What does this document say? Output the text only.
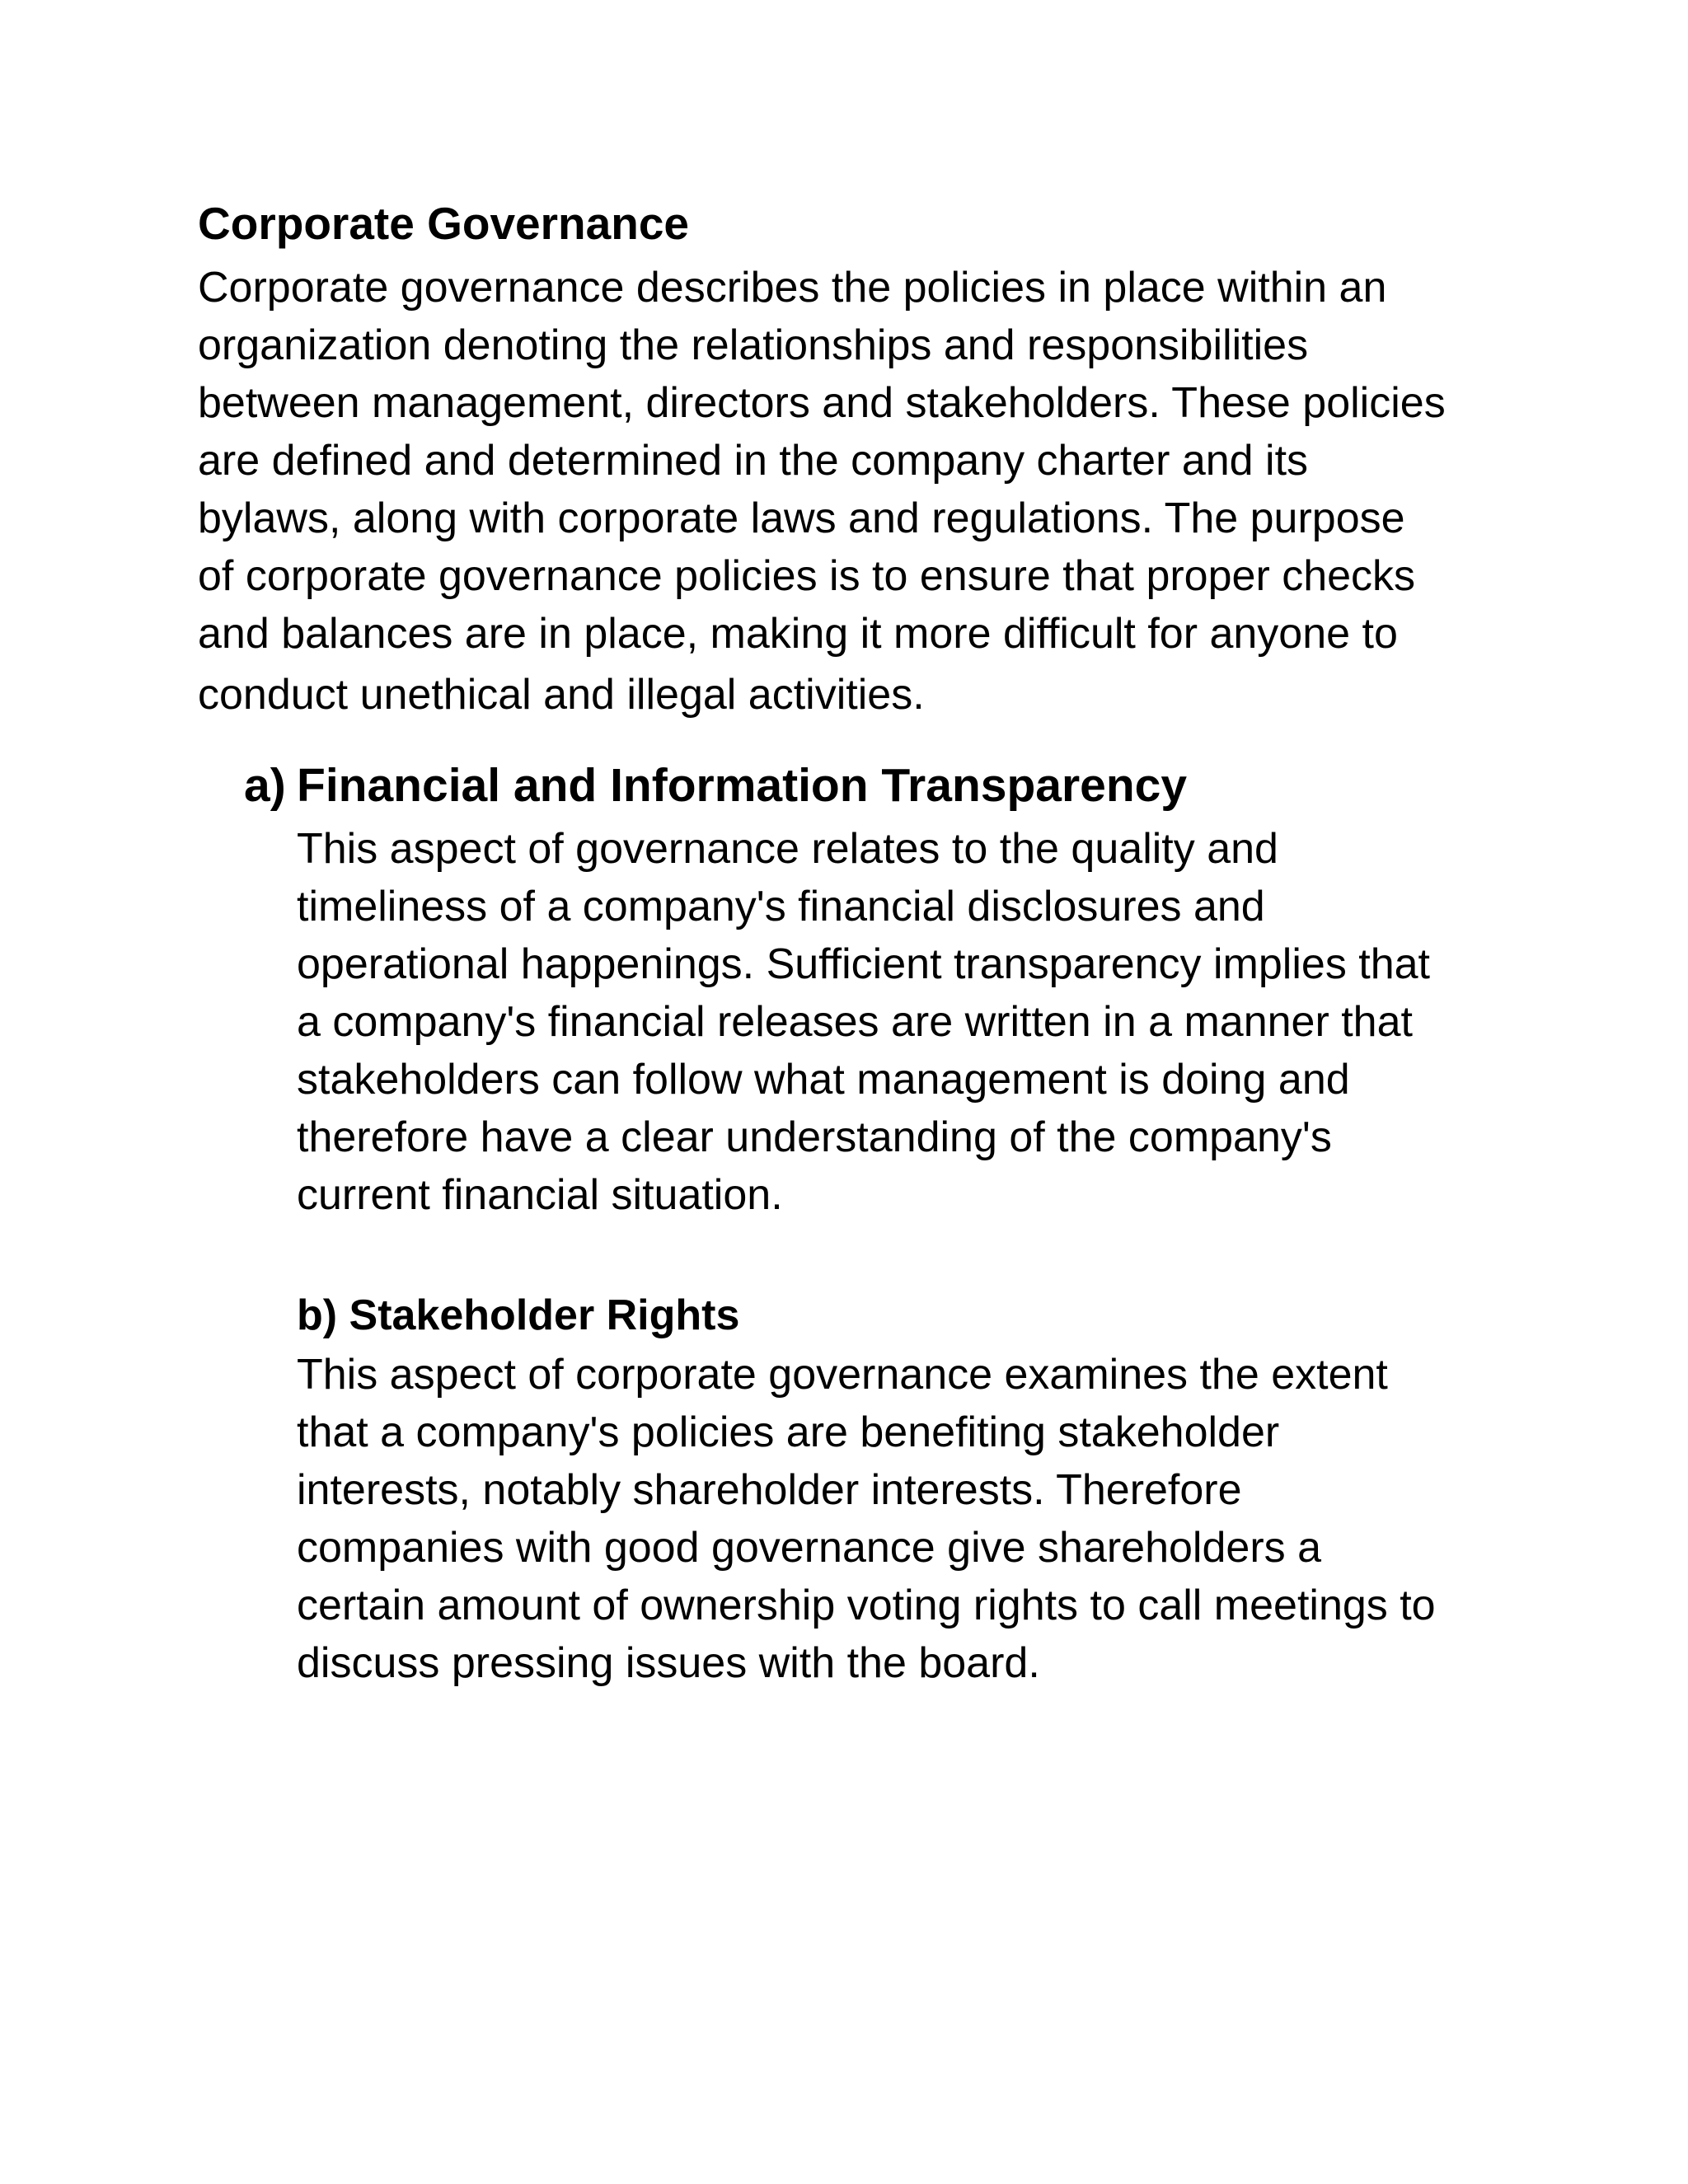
Corporate Governance

Corporate governance describes the policies in place within an
organization denoting the relationships and responsibilities
between management, directors and stakeholders. These policies
are defined and determined in the company charter and its
bylaws, along with corporate laws and regulations. The purpose
of corporate governance policies is to ensure that proper checks
and balances are in place, making it more difficult for anyone to
conduct unethical and illegal activities.

a) Financial and Information Transparency

This aspect of governance relates to the quality and
timeliness of a company's financial disclosures and
operational happenings. Sufficient transparency implies that
a company's financial releases are written in a manner that
stakeholders can follow what management is doing and
therefore have a clear understanding of the company's
current financial situation.

b) Stakeholder Rights

This aspect of corporate governance examines the extent
that a company's policies are benefiting stakeholder
interests, notably shareholder interests. Therefore
companies with good governance give shareholders a
certain amount of ownership voting rights to call meetings to
discuss pressing issues with the board.
